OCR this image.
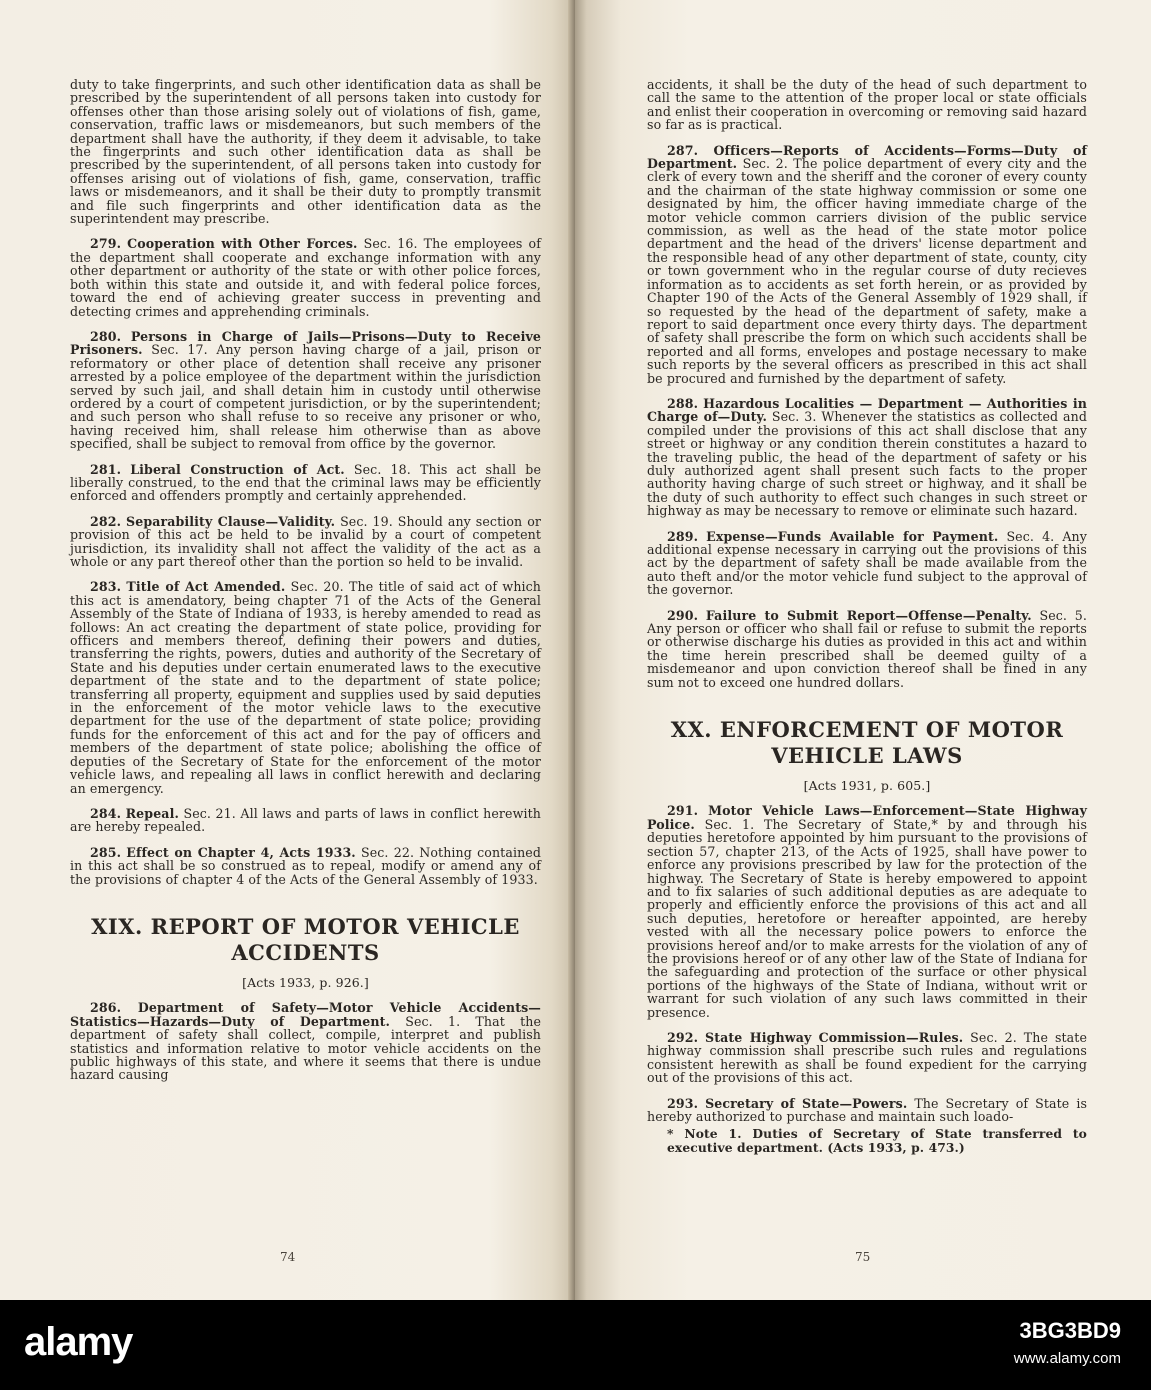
duty to take fingerprints, and such other identification data as shall be prescribed by the superintendent of all persons taken into custody for offenses other than those arising solely out of violations of fish, game, conservation, traffic laws or misdemeanors, but such members of the department shall have the authority, if they deem it advisable, to take the fingerprints and such other identification data as shall be prescribed by the superintendent, of all persons taken into custody for offenses arising out of violations of fish, game, conservation, traffic laws or misdemeanors, and it shall be their duty to promptly transmit and file such fingerprints and other identification data as the superintendent may prescribe.

279. Cooperation with Other Forces. Sec. 16. The employees of the department shall cooperate and exchange information with any other department or authority of the state or with other police forces, both within this state and outside it, and with federal police forces, toward the end of achieving greater success in preventing and detecting crimes and apprehending criminals.

280. Persons in Charge of Jails—Prisons—Duty to Receive Prisoners. Sec. 17. Any person having charge of a jail, prison or reformatory or other place of detention shall receive any prisoner arrested by a police employee of the department within the jurisdiction served by such jail, and shall detain him in custody until otherwise ordered by a court of competent jurisdiction, or by the superintendent; and such person who shall refuse to so receive any prisoner or who, having received him, shall release him otherwise than as above specified, shall be subject to removal from office by the governor.

281. Liberal Construction of Act. Sec. 18. This act shall be liberally construed, to the end that the criminal laws may be efficiently enforced and offenders promptly and certainly apprehended.

282. Separability Clause—Validity. Sec. 19. Should any section or provision of this act be held to be invalid by a court of competent jurisdiction, its invalidity shall not affect the validity of the act as a whole or any part thereof other than the portion so held to be invalid.

283. Title of Act Amended. Sec. 20. The title of said act of which this act is amendatory, being chapter 71 of the Acts of the General Assembly of the State of Indiana of 1933, is hereby amended to read as follows: An act creating the department of state police, providing for officers and members thereof, defining their powers and duties, transferring the rights, powers, duties and authority of the Secretary of State and his deputies under certain enumerated laws to the executive department of the state and to the department of state police; transferring all property, equipment and supplies used by said deputies in the enforcement of the motor vehicle laws to the executive department for the use of the department of state police; providing funds for the enforcement of this act and for the pay of officers and members of the department of state police; abolishing the office of deputies of the Secretary of State for the enforcement of the motor vehicle laws, and repealing all laws in conflict herewith and declaring an emergency.

284. Repeal. Sec. 21. All laws and parts of laws in conflict herewith are hereby repealed.

285. Effect on Chapter 4, Acts 1933. Sec. 22. Nothing contained in this act shall be so construed as to repeal, modify or amend any of the provisions of chapter 4 of the Acts of the General Assembly of 1933.

XIX. REPORT OF MOTOR VEHICLE
ACCIDENTS
[Acts 1933, p. 926.]

286. Department of Safety—Motor Vehicle Accidents—Statistics—Hazards—Duty of Department. Sec. 1. That the department of safety shall collect, compile, interpret and publish statistics and information relative to motor vehicle accidents on the public highways of this state, and where it seems that there is undue hazard causing

74

accidents, it shall be the duty of the head of such department to call the same to the attention of the proper local or state officials and enlist their cooperation in overcoming or removing said hazard so far as is practical.

287. Officers—Reports of Accidents—Forms—Duty of Department. Sec. 2. The police department of every city and the clerk of every town and the sheriff and the coroner of every county and the chairman of the state highway commission or some one designated by him, the officer having immediate charge of the motor vehicle common carriers division of the public service commission, as well as the head of the state motor police department and the head of the drivers' license department and the responsible head of any other department of state, county, city or town government who in the regular course of duty recieves information as to accidents as set forth herein, or as provided by Chapter 190 of the Acts of the General Assembly of 1929 shall, if so requested by the head of the department of safety, make a report to said department once every thirty days. The department of safety shall prescribe the form on which such accidents shall be reported and all forms, envelopes and postage necessary to make such reports by the several officers as prescribed in this act shall be procured and furnished by the department of safety.

288. Hazardous Localities — Department — Authorities in Charge of—Duty. Sec. 3. Whenever the statistics as collected and compiled under the provisions of this act shall disclose that any street or highway or any condition therein constitutes a hazard to the traveling public, the head of the department of safety or his duly authorized agent shall present such facts to the proper authority having charge of such street or highway, and it shall be the duty of such authority to effect such changes in such street or highway as may be necessary to remove or eliminate such hazard.

289. Expense—Funds Available for Payment. Sec. 4. Any additional expense necessary in carrying out the provisions of this act by the department of safety shall be made available from the auto theft and/or the motor vehicle fund subject to the approval of the governor.

290. Failure to Submit Report—Offense—Penalty. Sec. 5. Any person or officer who shall fail or refuse to submit the reports or otherwise discharge his duties as provided in this act and within the time herein prescribed shall be deemed guilty of a misdemeanor and upon conviction thereof shall be fined in any sum not to exceed one hundred dollars.

XX. ENFORCEMENT OF MOTOR
VEHICLE LAWS
[Acts 1931, p. 605.]

291. Motor Vehicle Laws—Enforcement—State Highway Police. Sec. 1. The Secretary of State,* by and through his deputies heretofore appointed by him pursuant to the provisions of section 57, chapter 213, of the Acts of 1925, shall have power to enforce any provisions prescribed by law for the protection of the highway. The Secretary of State is hereby empowered to appoint and to fix salaries of such additional deputies as are adequate to properly and efficiently enforce the provisions of this act and all such deputies, heretofore or hereafter appointed, are hereby vested with all the necessary police powers to enforce the provisions hereof and/or to make arrests for the violation of any of the provisions hereof or of any other law of the State of Indiana for the safeguarding and protection of the surface or other physical portions of the highways of the State of Indiana, without writ or warrant for such violation of any such laws committed in their presence.

292. State Highway Commission—Rules. Sec. 2. The state highway commission shall prescribe such rules and regulations consistent herewith as shall be found expedient for the carrying out of the provisions of this act.

293. Secretary of State—Powers. The Secretary of State is hereby authorized to purchase and maintain such loado-

* Note 1. Duties of Secretary of State transferred to executive department. (Acts 1933, p. 473.)
75
alamy	3BG3BD9
www.alamy.com
